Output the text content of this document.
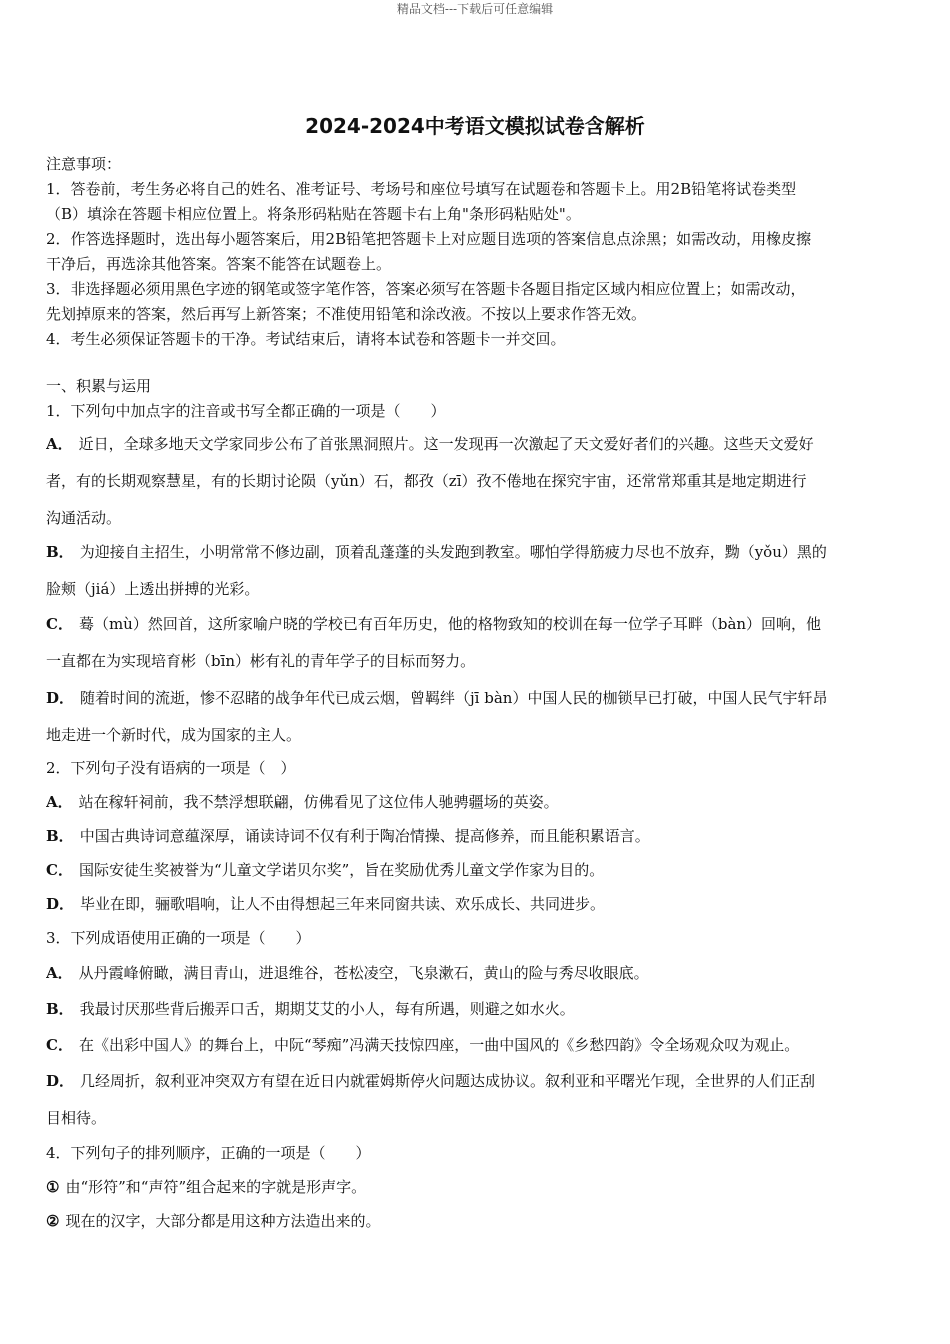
精品文档---下载后可任意编辑
2024-2024中考语文模拟试卷含解析
注意事项：
1．答卷前，考生务必将自己的姓名、准考证号、考场号和座位号填写在试题卷和答题卡上。用2B铅笔将试卷类型
（B）填涂在答题卡相应位置上。将条形码粘贴在答题卡右上角"条形码粘贴处"。
2．作答选择题时，选出每小题答案后，用2B铅笔把答题卡上对应题目选项的答案信息点涂黑；如需改动，用橡皮擦
干净后，再选涂其他答案。答案不能答在试题卷上。
3．非选择题必须用黑色字迹的钢笔或签字笔作答，答案必须写在答题卡各题目指定区域内相应位置上；如需改动，
先划掉原来的答案，然后再写上新答案；不准使用铅笔和涂改液。不按以上要求作答无效。
4．考生必须保证答题卡的干净。考试结束后，请将本试卷和答题卡一并交回。
一、积累与运用
1．下列句中加点字的注音或书写全都正确的一项是（　　）
A． 近日，全球多地天文学家同步公布了首张黑洞照片。这一发现再一次激起了天文爱好者们的兴趣。这些天文爱好
者，有的长期观察慧星，有的长期讨论陨（yǔn）石，都孜（zī）孜不倦地在探究宇宙，还常常郑重其是地定期进行
沟通活动。
B． 为迎接自主招生，小明常常不修边副，顶着乱蓬蓬的头发跑到教室。哪怕学得筋疲力尽也不放弃，黝（yǒu）黑的
脸颊（jiá）上透出拼搏的光彩。
C． 蓦（mù）然回首，这所家喻户晓的学校已有百年历史，他的格物致知的校训在每一位学子耳畔（bàn）回响，他
一直都在为实现培育彬（bīn）彬有礼的青年学子的目标而努力。
D． 随着时间的流逝，惨不忍睹的战争年代已成云烟，曾羁绊（jī bàn）中国人民的枷锁早已打破，中国人民气宇轩昂
地走进一个新时代，成为国家的主人。
2．下列句子没有语病的一项是（　）
A． 站在稼轩祠前，我不禁浮想联翩，仿佛看见了这位伟人驰骋疆场的英姿。
B． 中国古典诗词意蕴深厚，诵读诗词不仅有利于陶冶情操、提高修养，而且能积累语言。
C． 国际安徒生奖被誉为“儿童文学诺贝尔奖”，旨在奖励优秀儿童文学作家为目的。
D． 毕业在即，骊歌唱响，让人不由得想起三年来同窗共读、欢乐成长、共同进步。
3．下列成语使用正确的一项是（　　）
A． 从丹霞峰俯瞰，满目青山，进退维谷，苍松凌空，飞泉漱石，黄山的险与秀尽收眼底。
B． 我最讨厌那些背后搬弄口舌，期期艾艾的小人，每有所遇，则避之如水火。
C． 在《出彩中国人》的舞台上，中阮“琴痴”冯满天技惊四座，一曲中国风的《乡愁四韵》令全场观众叹为观止。
D． 几经周折，叙利亚冲突双方有望在近日内就霍姆斯停火问题达成协议。叙利亚和平曙光乍现，全世界的人们正刮
目相待。
4．下列句子的排列顺序，正确的一项是（　　）
① 由“形符”和“声符”组合起来的字就是形声字。
② 现在的汉字，大部分都是用这种方法造出来的。
